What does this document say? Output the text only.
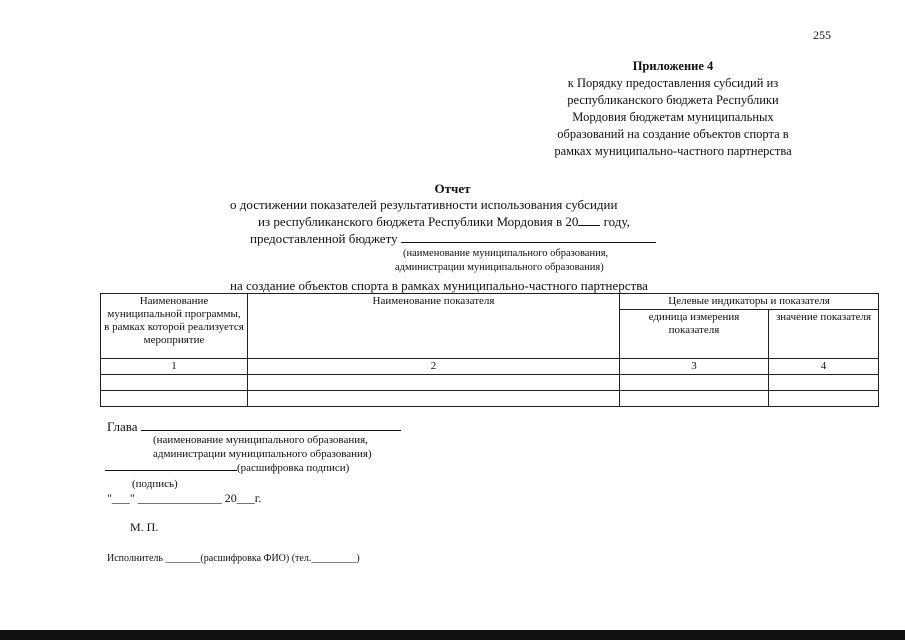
255
Приложение 4
к Порядку предоставления субсидий из
республиканского бюджета Республики
Мордовия бюджетам муниципальных
образований на создание объектов спорта в
рамках муниципально-частного партнерства
Отчет
о достижении показателей результативности использования субсидии
из республиканского бюджета Республики Мордовия в 20 году,
предоставленной бюджету
(наименование муниципального образования,
администрации муниципального образования)
на создание объектов спорта в рамках муниципально-частного партнерства
Наименование муниципальной программы, в рамках которой реализуется мероприятие	Наименование показателя	Целевые индикаторы и показателя	
		единица измерения показателя	значение показателя
1	2	3	4

Глава
(наименование муниципального образования,
администрации муниципального образования)
(расшифровка подписи)
(подпись)
"___" ______________ 20___г.
М. П.
Исполнитель _______(расшифровка ФИО) (тел._________)
